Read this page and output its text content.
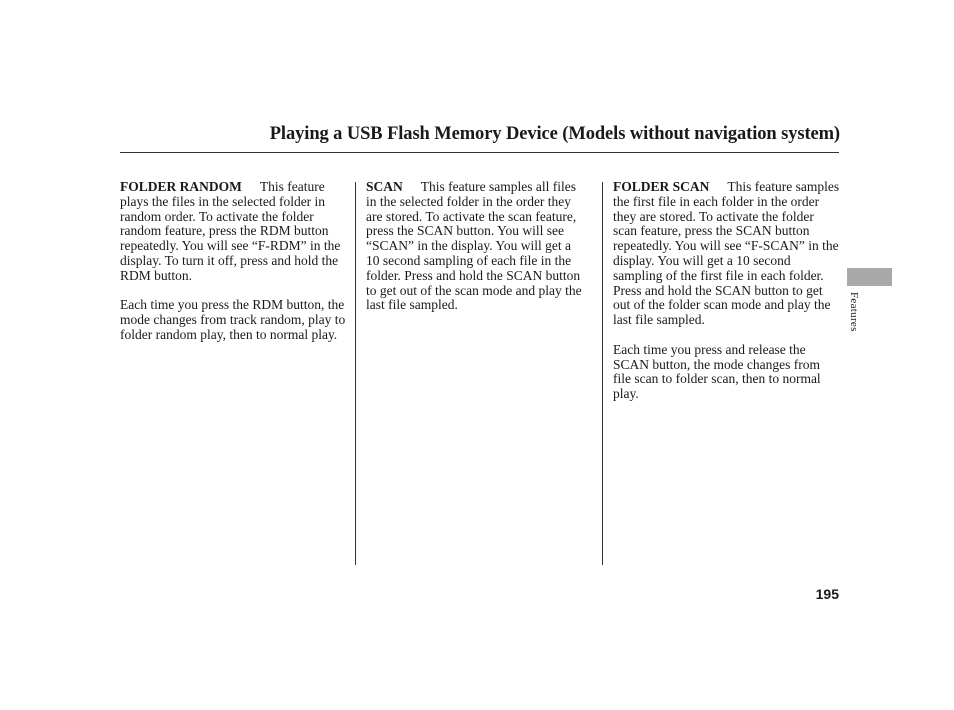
Playing a USB Flash Memory Device (Models without navigation system)

FOLDER RANDOM This feature plays the files in the selected folder in random order. To activate the folder random feature, press the RDM button repeatedly. You will see “F-RDM” in the display. To turn it off, press and hold the RDM button.

Each time you press the RDM button, the mode changes from track random, play to folder random play, then to normal play.

SCAN This feature samples all files in the selected folder in the order they are stored. To activate the scan feature, press the SCAN button. You will see “SCAN” in the display. You will get a 10 second sampling of each file in the folder. Press and hold the SCAN button to get out of the scan mode and play the last file sampled.

FOLDER SCAN This feature samples the first file in each folder in the order they are stored. To activate the folder scan feature, press the SCAN button repeatedly. You will see “F-SCAN” in the display. You will get a 10 second sampling of the first file in each folder. Press and hold the SCAN button to get out of the folder scan mode and play the last file sampled.

Each time you press and release the SCAN button, the mode changes from file scan to folder scan, then to normal play.

Features
195
